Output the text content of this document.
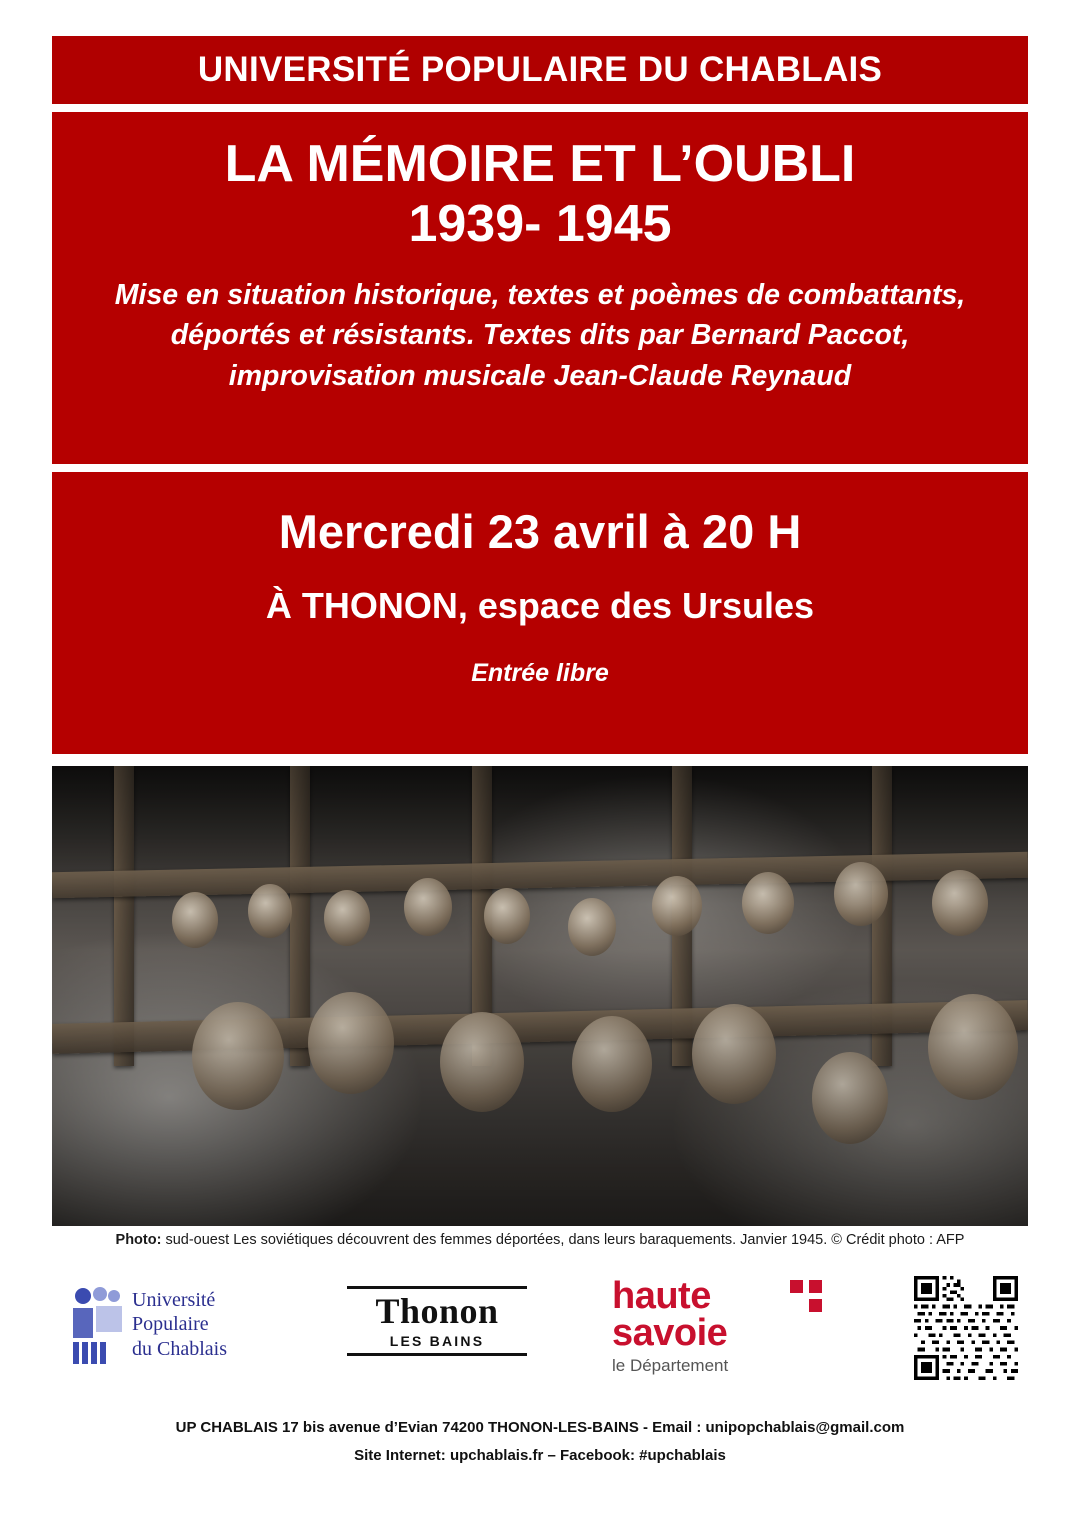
UNIVERSITÉ POPULAIRE DU CHABLAIS
LA MÉMOIRE ET L’OUBLI
1939- 1945
Mise en situation historique, textes et poèmes de combattants, déportés et résistants. Textes dits par Bernard Paccot, improvisation musicale Jean-Claude Reynaud
Mercredi 23 avril à 20 H
À THONON, espace des Ursules
Entrée libre
Photo: sud-ouest Les soviétiques découvrent des femmes déportées, dans leurs baraquements. Janvier 1945. © Crédit photo : AFP
Université
Populaire
du Chablais
Thonon
LES BAINS
haute
savoie
le Département
UP CHABLAIS 17 bis avenue d’Evian 74200 THONON-LES-BAINS - Email : unipopchablais@gmail.com
Site Internet: upchablais.fr – Facebook: #upchablais
